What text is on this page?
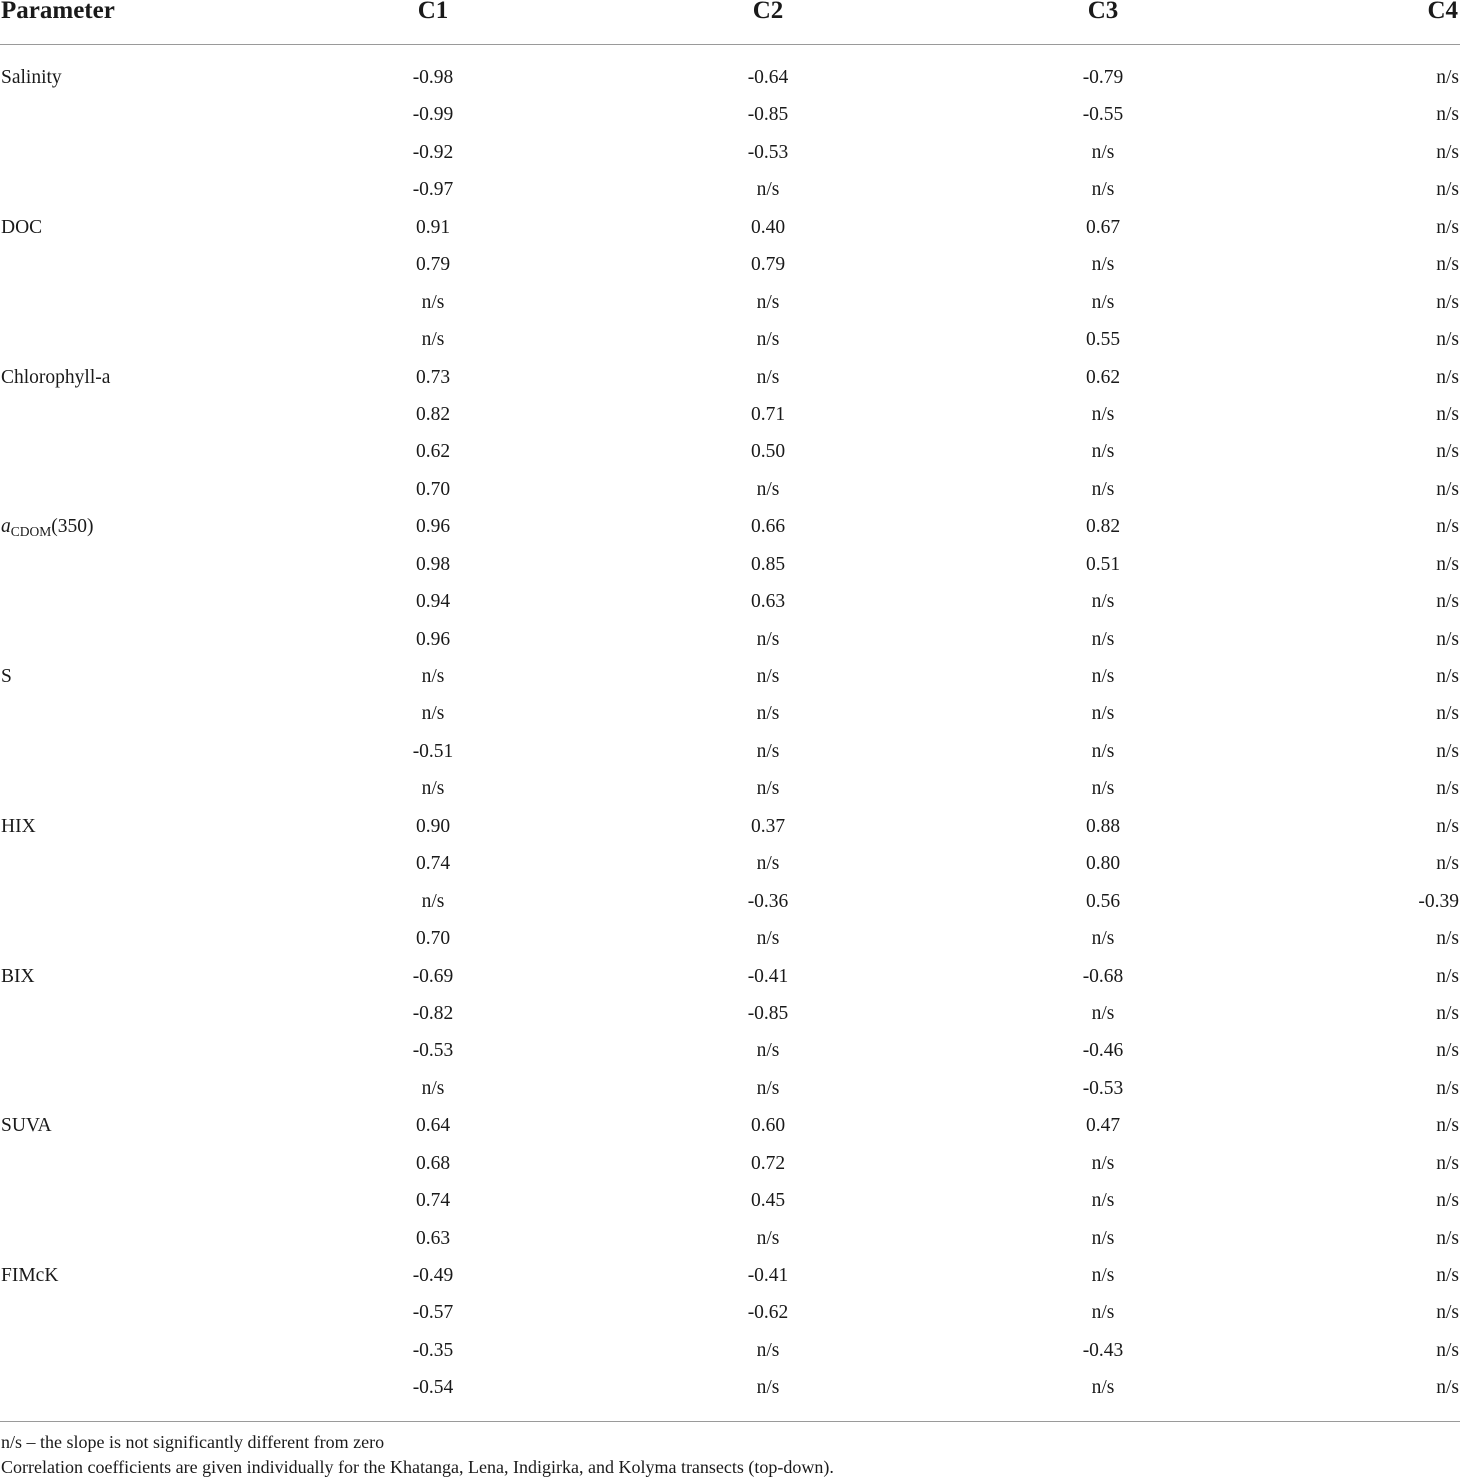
Parameter	C1	C2	C3	C4
Salinity	-0.98	-0.64	-0.79	n/s
-0.99	-0.85	-0.55	n/s
-0.92	-0.53	n/s	n/s
-0.97	n/s	n/s	n/s
DOC	0.91	0.40	0.67	n/s
0.79	0.79	n/s	n/s
n/s	n/s	n/s	n/s
n/s	n/s	0.55	n/s
Chlorophyll-a	0.73	n/s	0.62	n/s
0.82	0.71	n/s	n/s
0.62	0.50	n/s	n/s
0.70	n/s	n/s	n/s
$a_{CDOM}(350)$	0.96	0.66	0.82	n/s
0.98	0.85	0.51	n/s
0.94	0.63	n/s	n/s
0.96	n/s	n/s	n/s
S	n/s	n/s	n/s	n/s
n/s	n/s	n/s	n/s
-0.51	n/s	n/s	n/s
n/s	n/s	n/s	n/s
HIX	0.90	0.37	0.88	n/s
0.74	n/s	0.80	n/s
n/s	-0.36	0.56	-0.39
0.70	n/s	n/s	n/s
BIX	-0.69	-0.41	-0.68	n/s
-0.82	-0.85	n/s	n/s
-0.53	n/s	-0.46	n/s
n/s	n/s	-0.53	n/s
SUVA	0.64	0.60	0.47	n/s
0.68	0.72	n/s	n/s
0.74	0.45	n/s	n/s
0.63	n/s	n/s	n/s
FIMcK	-0.49	-0.41	n/s	n/s
-0.57	-0.62	n/s	n/s
-0.35	n/s	-0.43	n/s
-0.54	n/s	n/s	n/s
n/s – the slope is not significantly different from zero
Correlation coefficients are given individually for the Khatanga, Lena, Indigirka, and Kolyma transects (top-down).
